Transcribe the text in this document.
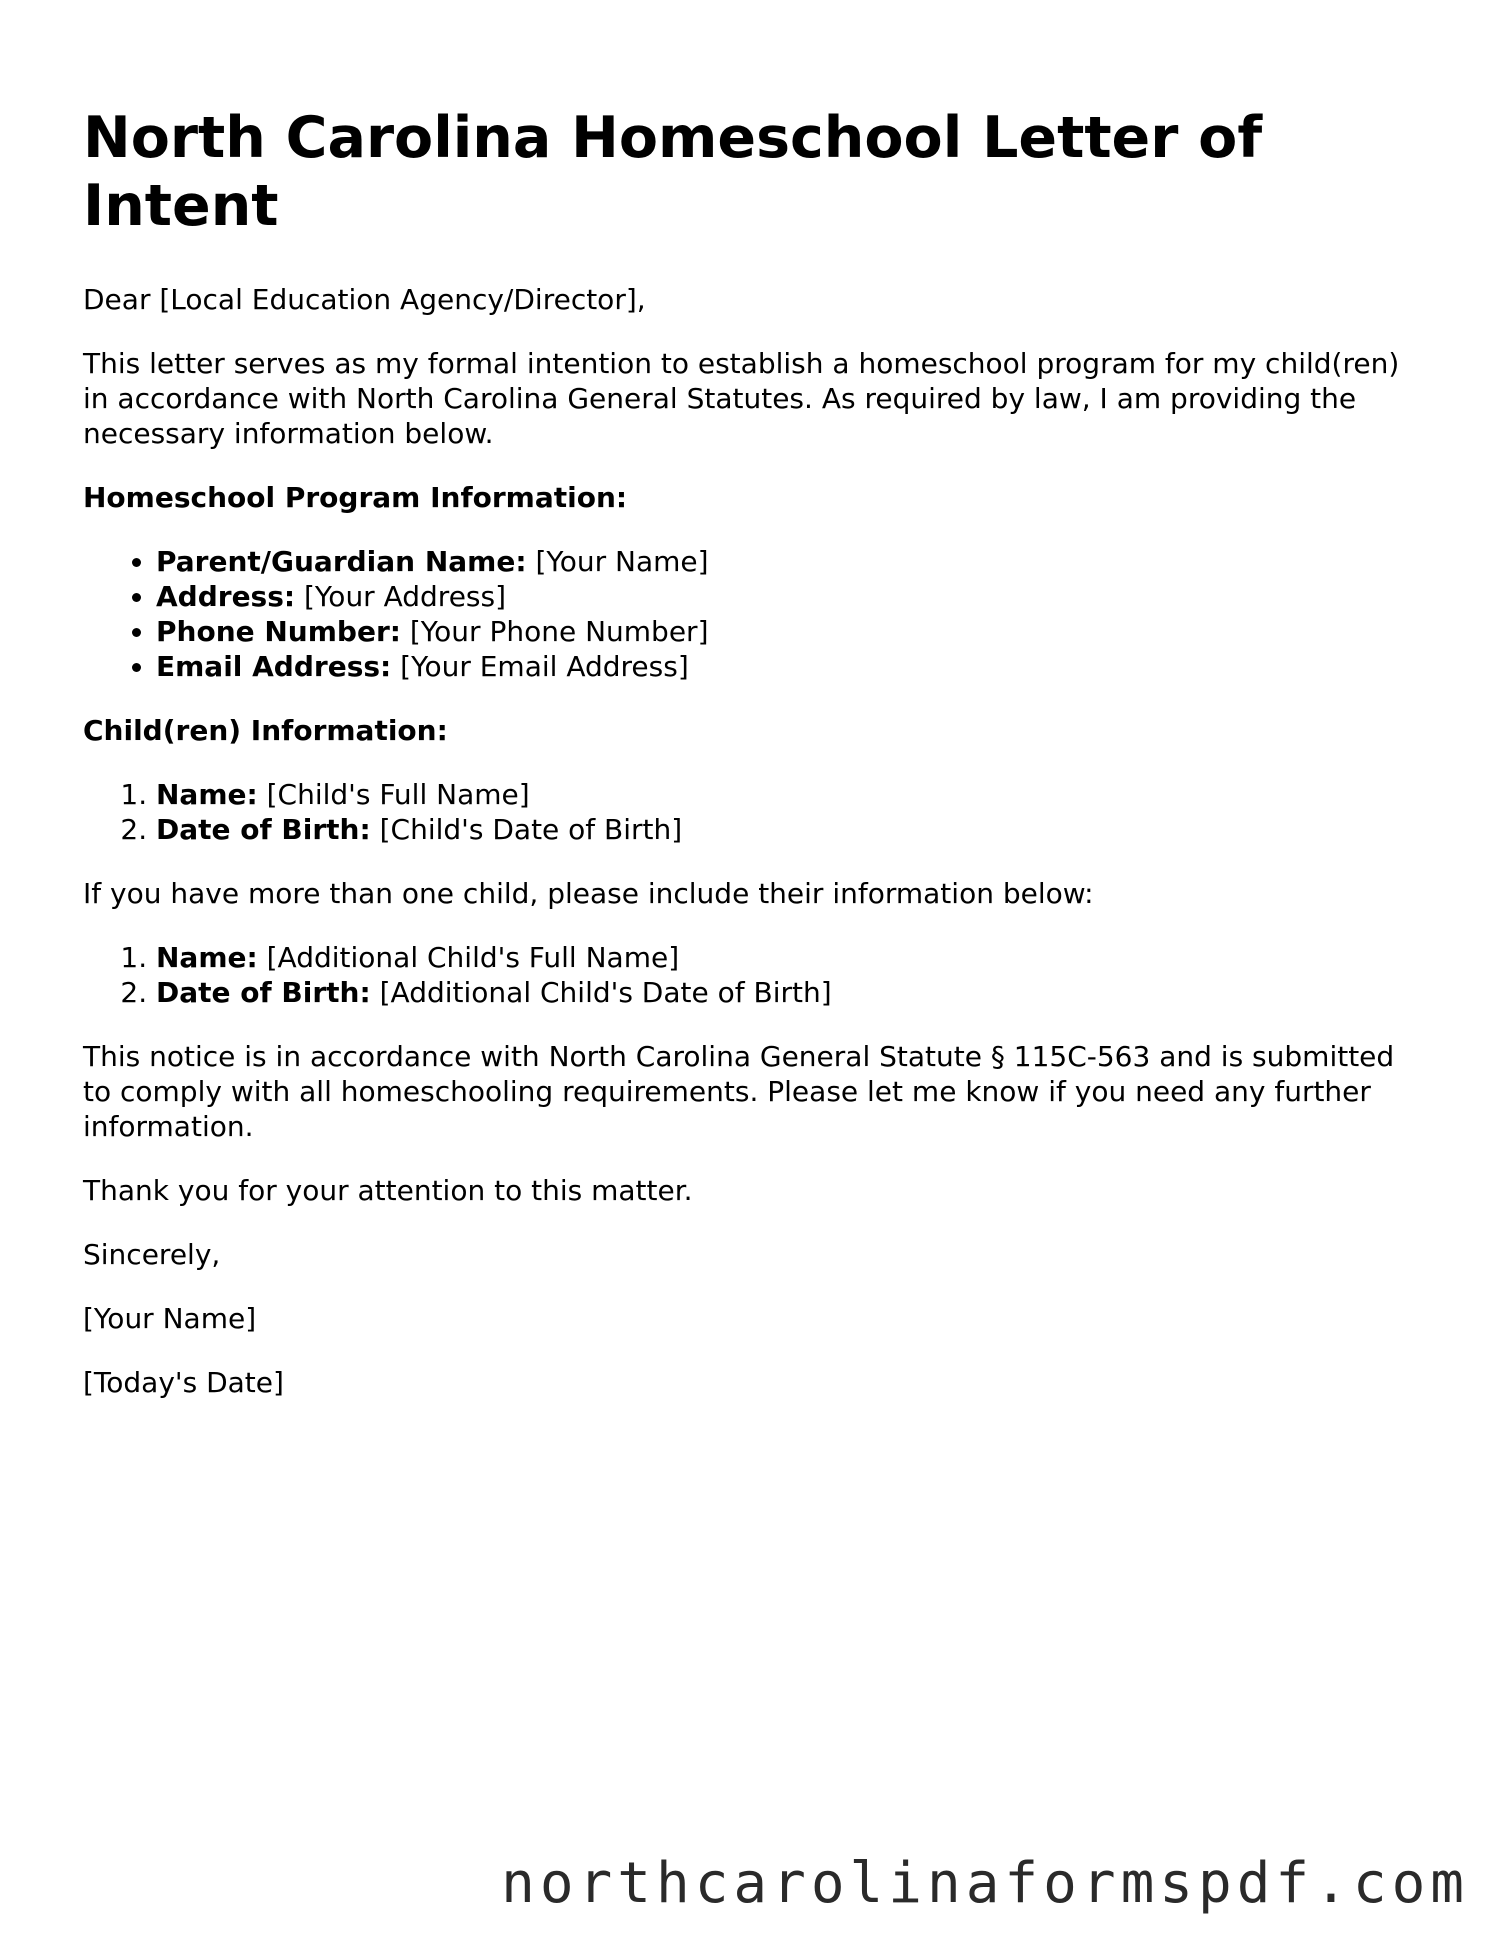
North Carolina Homeschool Letter of Intent

Dear [Local Education Agency/Director],

This letter serves as my formal intention to establish a homeschool program for my child(ren) in accordance with North Carolina General Statutes. As required by law, I am providing the necessary information below.

Homeschool Program Information:

• Parent/Guardian Name: [Your Name]
• Address: [Your Address]
• Phone Number: [Your Phone Number]
• Email Address: [Your Email Address]

Child(ren) Information:

1. Name: [Child's Full Name]
2. Date of Birth: [Child's Date of Birth]

If you have more than one child, please include their information below:

1. Name: [Additional Child's Full Name]
2. Date of Birth: [Additional Child's Date of Birth]

This notice is in accordance with North Carolina General Statute § 115C-563 and is submitted to comply with all homeschooling requirements. Please let me know if you need any further information.

Thank you for your attention to this matter.

Sincerely,

[Your Name]

[Today's Date]

northcarolinaformspdf.com
